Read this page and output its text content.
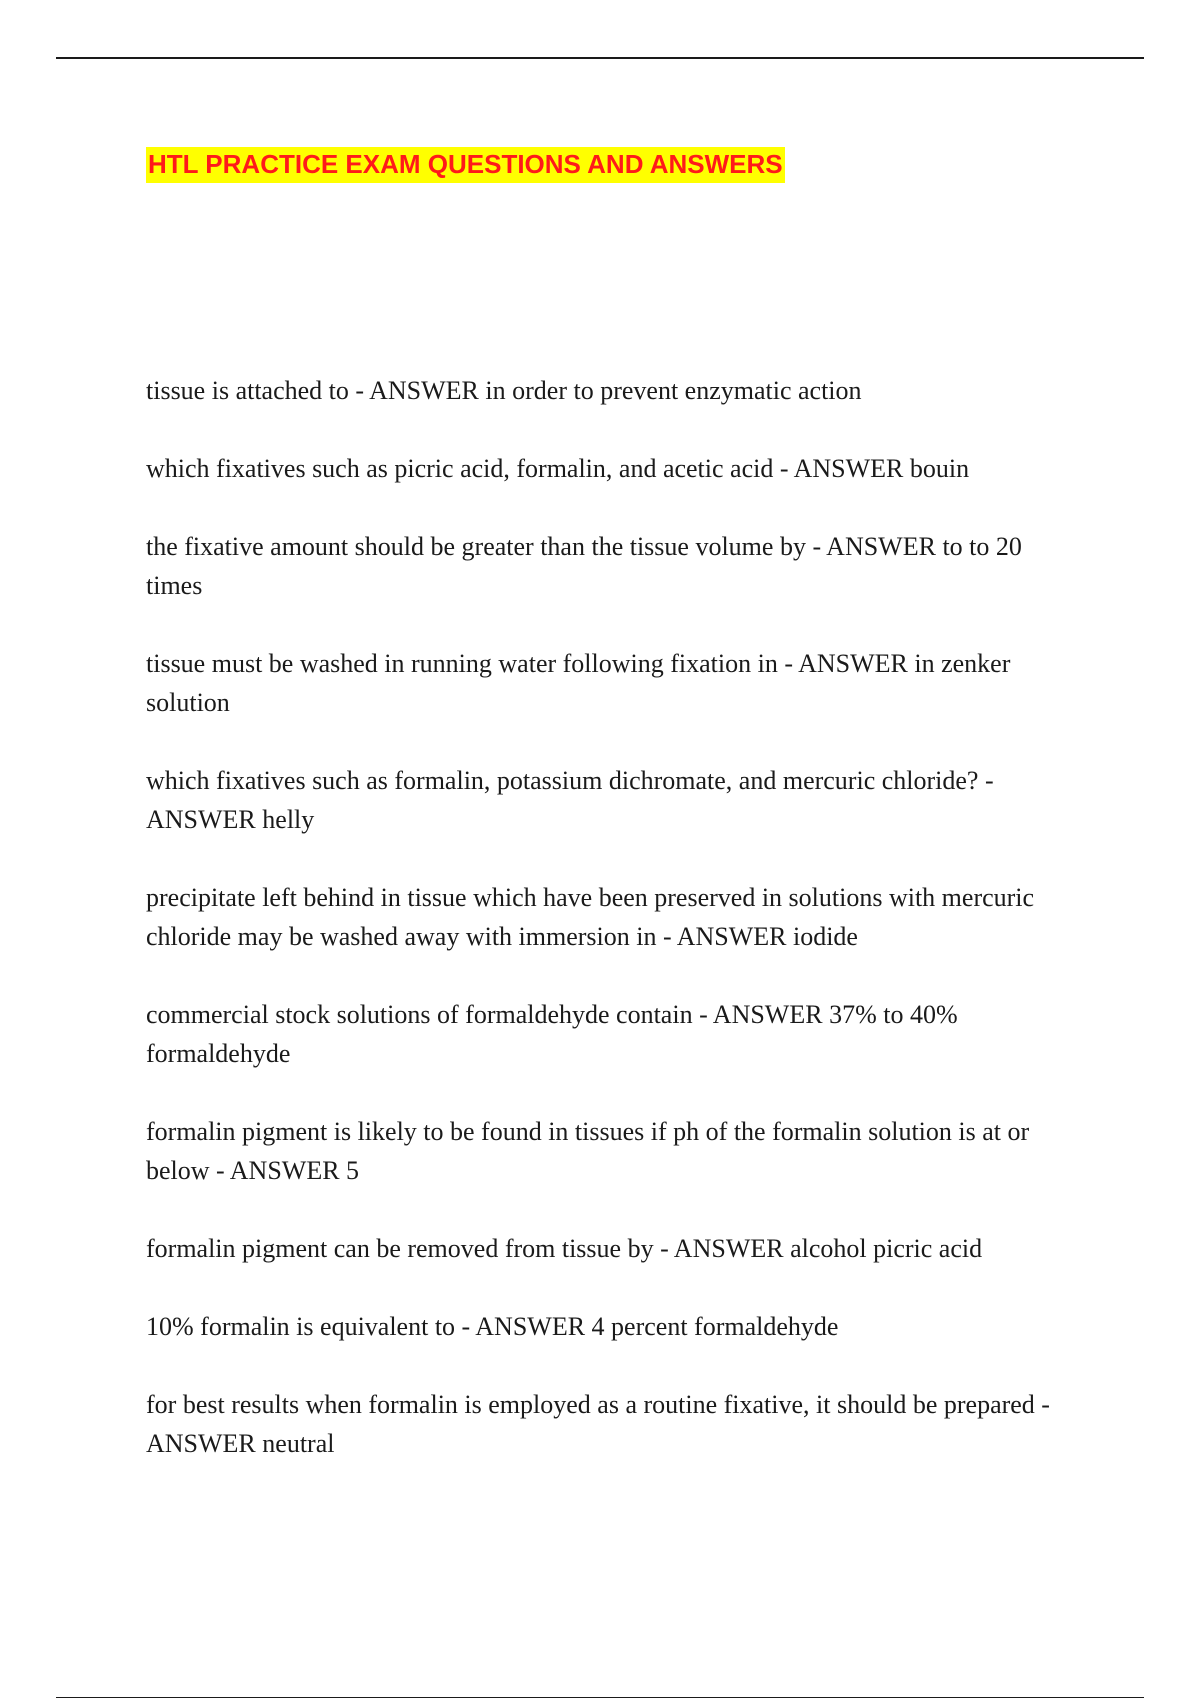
HTL PRACTICE EXAM QUESTIONS AND ANSWERS
tissue is attached to - ANSWER in order to prevent enzymatic action
which fixatives such as picric acid, formalin, and acetic acid - ANSWER bouin
the fixative amount should be greater than the tissue volume by - ANSWER to to 20 times
tissue must be washed in running water following fixation in - ANSWER in zenker solution
which fixatives such as formalin, potassium dichromate, and mercuric chloride? - ANSWER helly
precipitate left behind in tissue which have been preserved in solutions with mercuric chloride may be washed away with immersion in - ANSWER iodide
commercial stock solutions of formaldehyde contain - ANSWER 37% to 40% formaldehyde
formalin pigment is likely to be found in tissues if ph of the formalin solution is at or below - ANSWER 5
formalin pigment can be removed from tissue by - ANSWER alcohol picric acid
10% formalin is equivalent to - ANSWER 4 percent formaldehyde
for best results when formalin is employed as a routine fixative, it should be prepared - ANSWER neutral
